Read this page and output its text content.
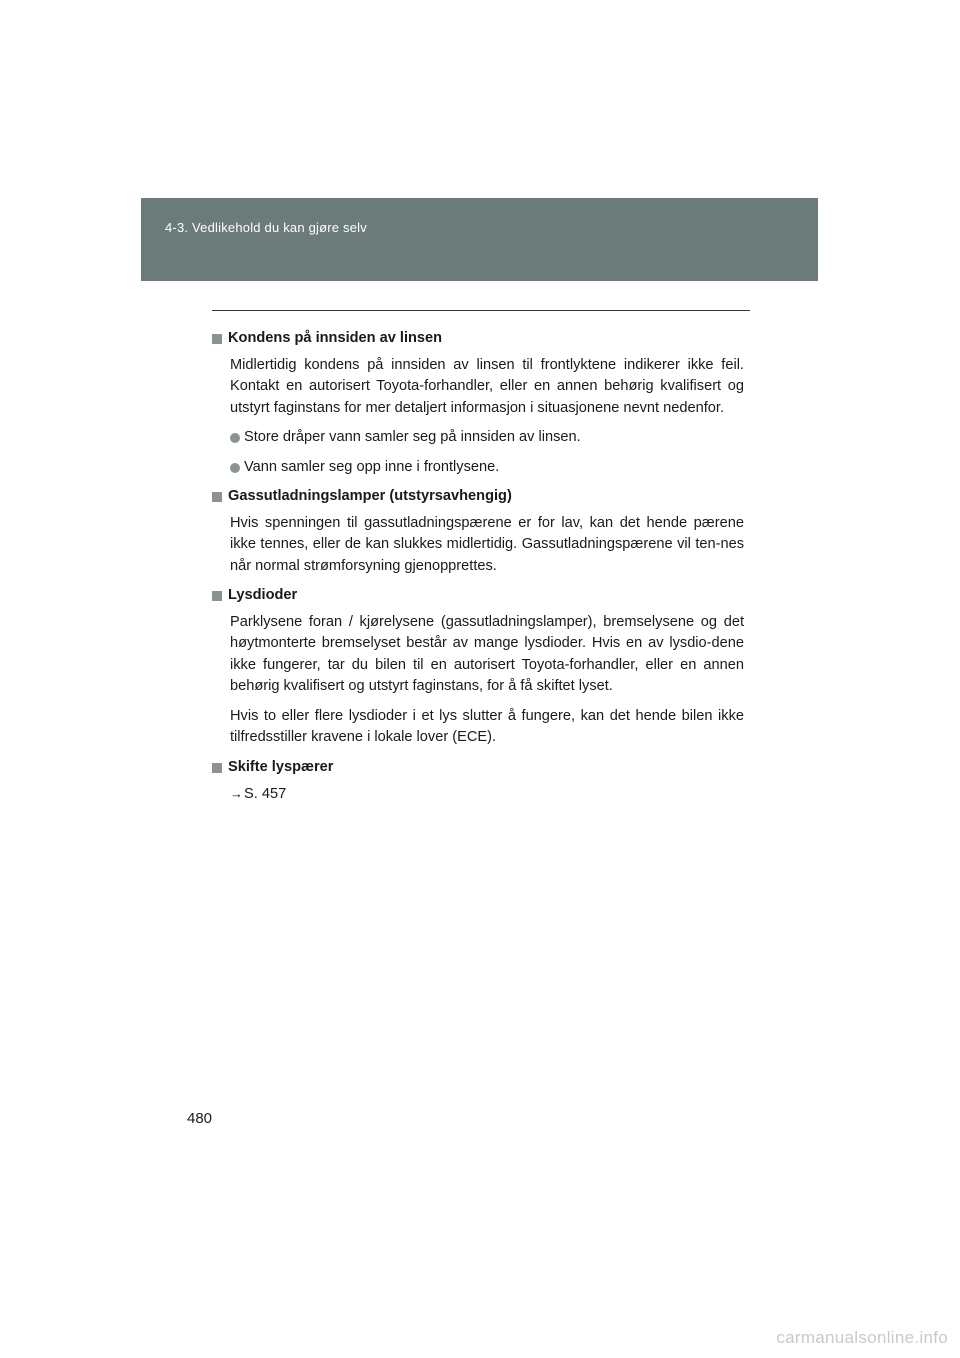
4-3. Vedlikehold du kan gjøre selv
Kondens på innsiden av linsen
Midlertidig kondens på innsiden av linsen til frontlyktene indikerer ikke feil. Kontakt en autorisert Toyota-forhandler, eller en annen behørig kvalifisert og utstyrt faginstans for mer detaljert informasjon i situasjonene nevnt nedenfor.
Store dråper vann samler seg på innsiden av linsen.
Vann samler seg opp inne i frontlysene.
Gassutladningslamper (utstyrsavhengig)
Hvis spenningen til gassutladningspærene er for lav, kan det hende pærene ikke tennes, eller de kan slukkes midlertidig. Gassutladningspærene vil ten-nes når normal strømforsyning gjenopprettes.
Lysdioder
Parklysene foran / kjørelysene (gassutladningslamper), bremselysene og det høytmonterte bremselyset består av mange lysdioder. Hvis en av lysdio-dene ikke fungerer, tar du bilen til en autorisert Toyota-forhandler, eller en annen behørig kvalifisert og utstyrt faginstans, for å få skiftet lyset.
Hvis to eller flere lysdioder i et lys slutter å fungere, kan det hende bilen ikke tilfredsstiller kravene i lokale lover (ECE).
Skifte lyspærer
→S. 457
480
carmanualsonline.info
